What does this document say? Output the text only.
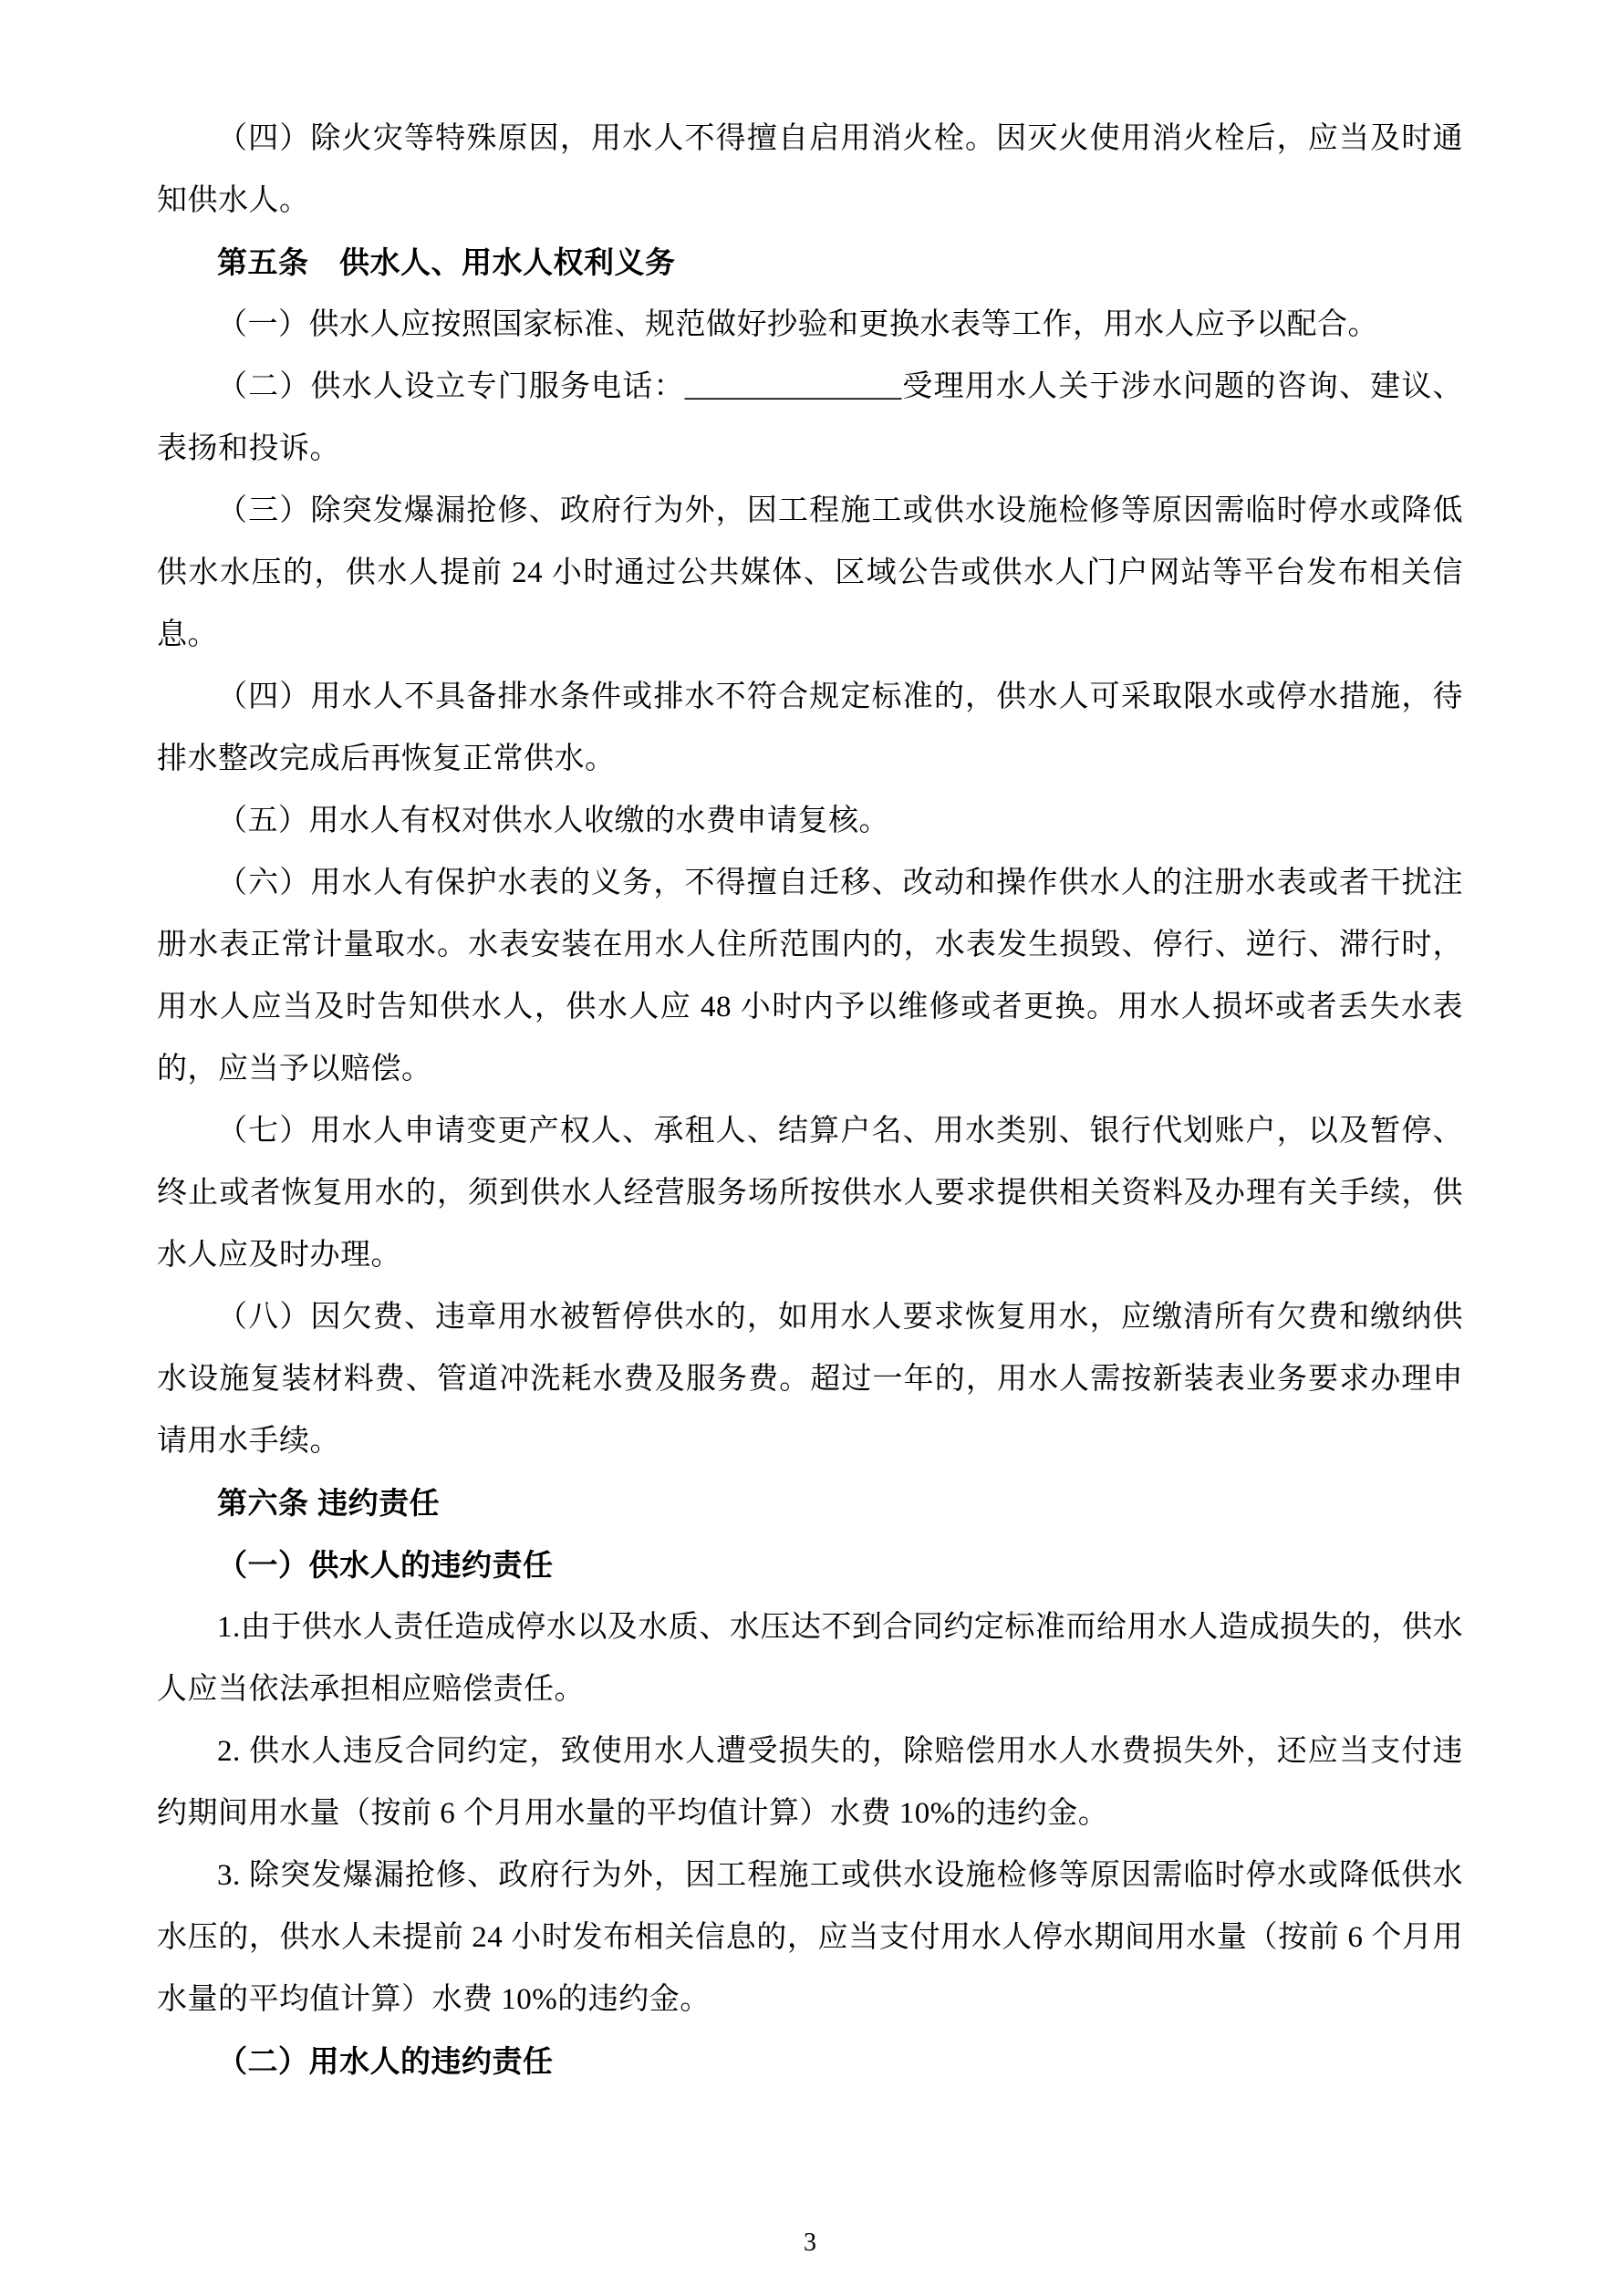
（四）除火灾等特殊原因，用水人不得擅自启用消火栓。因灭火使用消火栓后，应当及时通知供水人。

第五条　供水人、用水人权利义务

（一）供水人应按照国家标准、规范做好抄验和更换水表等工作，用水人应予以配合。

（二）供水人设立专门服务电话：______________受理用水人关于涉水问题的咨询、建议、表扬和投诉。

（三）除突发爆漏抢修、政府行为外，因工程施工或供水设施检修等原因需临时停水或降低供水水压的，供水人提前 24 小时通过公共媒体、区域公告或供水人门户网站等平台发布相关信息。

（四）用水人不具备排水条件或排水不符合规定标准的，供水人可采取限水或停水措施，待排水整改完成后再恢复正常供水。

（五）用水人有权对供水人收缴的水费申请复核。

（六）用水人有保护水表的义务，不得擅自迁移、改动和操作供水人的注册水表或者干扰注册水表正常计量取水。水表安装在用水人住所范围内的，水表发生损毁、停行、逆行、滞行时，用水人应当及时告知供水人，供水人应 48 小时内予以维修或者更换。用水人损坏或者丢失水表的，应当予以赔偿。

（七）用水人申请变更产权人、承租人、结算户名、用水类别、银行代划账户，以及暂停、终止或者恢复用水的，须到供水人经营服务场所按供水人要求提供相关资料及办理有关手续，供水人应及时办理。

（八）因欠费、违章用水被暂停供水的，如用水人要求恢复用水，应缴清所有欠费和缴纳供水设施复装材料费、管道冲洗耗水费及服务费。超过一年的，用水人需按新装表业务要求办理申请用水手续。

第六条 违约责任

（一）供水人的违约责任

1.由于供水人责任造成停水以及水质、水压达不到合同约定标准而给用水人造成损失的，供水人应当依法承担相应赔偿责任。

2. 供水人违反合同约定，致使用水人遭受损失的，除赔偿用水人水费损失外，还应当支付违约期间用水量（按前 6 个月用水量的平均值计算）水费 10%的违约金。

3. 除突发爆漏抢修、政府行为外，因工程施工或供水设施检修等原因需临时停水或降低供水水压的，供水人未提前 24 小时发布相关信息的，应当支付用水人停水期间用水量（按前 6 个月用水量的平均值计算）水费 10%的违约金。

（二）用水人的违约责任

3
